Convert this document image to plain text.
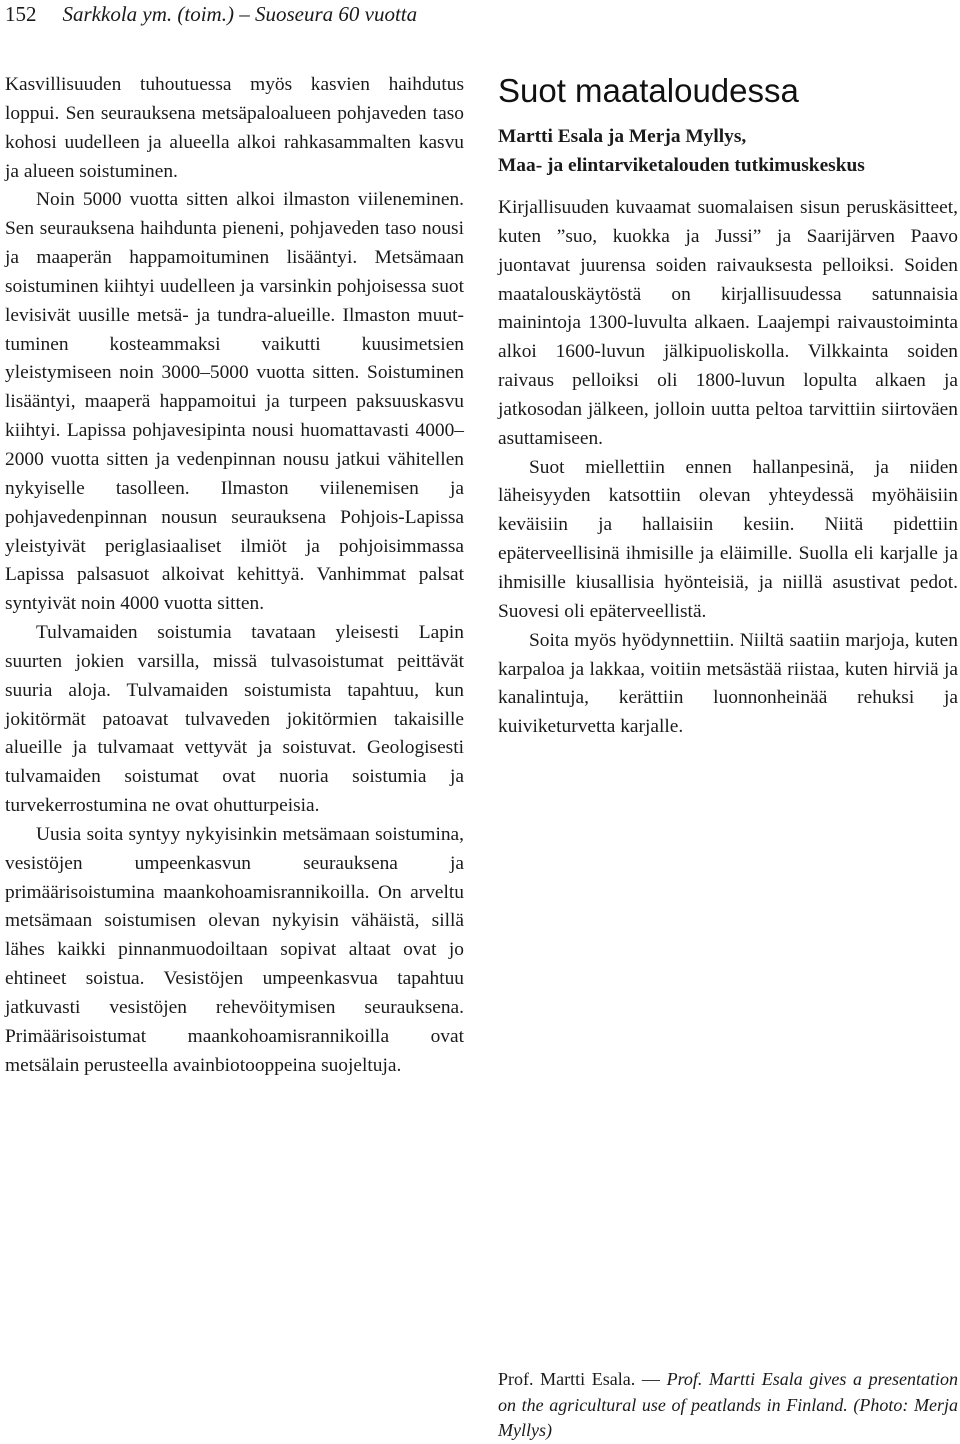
152 Sarkkola ym. (toim.) – Suoseura 60 vuotta

Kasvillisuuden tuhoutuessa myös kasvien haihdutus loppui. Sen seurauksena metsäpaloalueen pohjaveden taso kohosi uudelleen ja alueella alkoi rahkasammalten kasvu ja alueen soistuminen.

Noin 5000 vuotta sitten alkoi ilmaston viileneminen. Sen seurauksena haihdunta pieneni, pohjaveden taso nousi ja maaperän happamoituminen lisääntyi. Metsämaan soistuminen kiihtyi uudelleen ja varsinkin pohjoisessa suot levisivät uusille metsä- ja tundra-alueille. Ilmaston muuttuminen kosteammaksi vaikutti kuusimetsien yleistymiseen noin 3000–5000 vuotta sitten. Soistuminen lisääntyi, maaperä happamoitui ja turpeen paksuuskasvu kiihtyi. Lapissa pohjavesipinta nousi huomattavasti 4000–2000 vuotta sitten ja vedenpinnan nousu jatkui vähitellen nykyiselle tasolleen. Ilmaston viilenemisen ja pohjavedenpinnan nousun seurauksena Pohjois-Lapissa yleistyivät periglasiaaliset ilmiöt ja pohjoisimmassa Lapissa palsasuot alkoivat kehittyä. Vanhimmat palsat syntyivät noin 4000 vuotta sitten.

Tulvamaiden soistumia tavataan yleisesti Lapin suurten jokien varsilla, missä tulvasoistumat peittävät suuria aloja. Tulvamaiden soistumista tapahtuu, kun jokitörmät patoavat tulvaveden jokitörmien takaisille alueille ja tulvamaat vettyvät ja soistuvat. Geologisesti tulvamaiden soistumat ovat nuoria soistumia ja turvekerrostumina ne ovat ohutturpeisia.

Uusia soita syntyy nykyisinkin metsämaan soistumina, vesistöjen umpeenkasvun seurauksena ja primäärisoistumina maankohoamisrannikoilla. On arveltu metsämaan soistumisen olevan nykyisin vähäistä, sillä lähes kaikki pinnanmuodoiltaan sopivat altaat ovat jo ehtineet soistua. Vesistöjen umpeenkasvua tapahtuu jatkuvasti vesistöjen rehevöitymisen seurauksena. Primäärisoistumat maankohoamisrannikoilla ovat metsälain perusteella avainbiotooppeina suojeltuja.

Suot maataloudessa
Martti Esala ja Merja Myllys,
Maa- ja elintarviketalouden tutkimuskeskus

Kirjallisuuden kuvaamat suomalaisen sisun peruskäsitteet, kuten ”suo, kuokka ja Jussi” ja Saarijärven Paavo juontavat juurensa soiden raivauksesta pelloiksi. Soiden maatalouskäytöstä on kirjallisuudessa satunnaisia mainintoja 1300-luvulta alkaen. Laajempi raivaustoiminta alkoi 1600-luvun jälkipuoliskolla. Vilkkainta soiden raivaus pelloiksi oli 1800-luvun lopulta alkaen ja jatkosodan jälkeen, jolloin uutta peltoa tarvittiin siirtoväen asuttamiseen.

Suot miellettiin ennen hallanpesinä, ja niiden läheisyyden katsottiin olevan yhteydessä myöhäisiin keväisiin ja hallaisiin kesiin. Niitä pidettiin epäterveellisinä ihmisille ja eläimille. Suolla eli karjalle ja ihmisille kiusallisia hyönteisiä, ja niillä asustivat pedot. Suovesi oli epäterveellistä.

Soita myös hyödynnettiin. Niiltä saatiin marjoja, kuten karpaloa ja lakkaa, voitiin metsästää riistaa, kuten hirviä ja kanalintuja, kerättiin luonnonheinää rehuksi ja kuiviketurvetta karjalle.

Prof. Martti Esala. — Prof. Martti Esala gives a presentation on the agricultural use of peatlands in Finland. (Photo: Merja Myllys)
